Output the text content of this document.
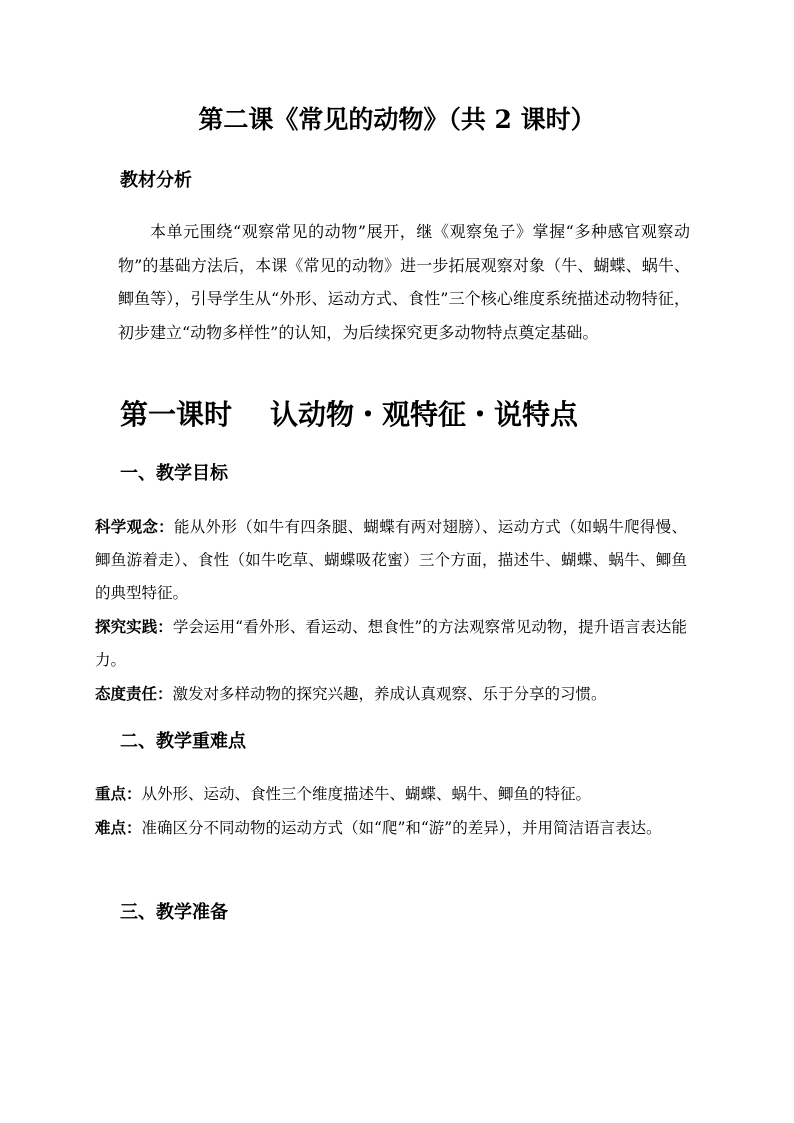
第二课《常见的动物》（共 2 课时）
教材分析
本单元围绕“观察常见的动物”展开，继《观察兔子》掌握“多种感官观察动物”的基础方法后，本课《常见的动物》进一步拓展观察对象（牛、蝴蝶、蜗牛、鲫鱼等），引导学生从“外形、运动方式、食性”三个核心维度系统描述动物特征，初步建立“动物多样性”的认知，为后续探究更多动物特点奠定基础。
第一课时 认动物・观特征・说特点
一、教学目标

科学观念：能从外形（如牛有四条腿、蝴蝶有两对翅膀）、运动方式（如蜗牛爬得慢、鲫鱼游着走）、食性（如牛吃草、蝴蝶吸花蜜）三个方面，描述牛、蝴蝶、蜗牛、鲫鱼的典型特征。

探究实践：学会运用“看外形、看运动、想食性”的方法观察常见动物，提升语言表达能力。

态度责任：激发对多样动物的探究兴趣，养成认真观察、乐于分享的习惯。

二、教学重难点

重点：从外形、运动、食性三个维度描述牛、蝴蝶、蜗牛、鲫鱼的特征。

难点：准确区分不同动物的运动方式（如“爬”和“游”的差异），并用简洁语言表达。

三、教学准备
